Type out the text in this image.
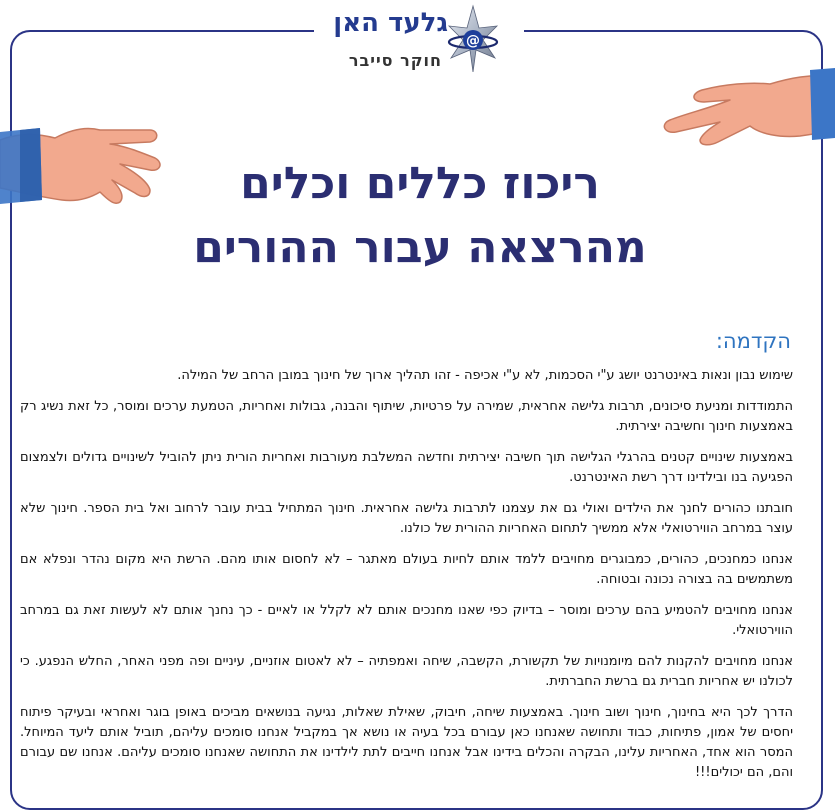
@
גלעד האן
חוקר סייבר
ריכוז כללים וכלים
מהרצאה עבור ההורים
הקדמה:

שימוש נבון ונאות באינטרנט יושג ע"י הסכמות, לא ע"י אכיפה - זהו תהליך ארוך של חינוך במובן הרחב של המילה.

התמודדות ומניעת סיכונים, תרבות גלישה אחראית, שמירה על פרטיות, שיתוף והבנה, גבולות ואחריות, הטמעת ערכים ומוסר, כל זאת נשיג רק באמצעות חינוך וחשיבה יצירתית.

באמצעות שינויים קטנים בהרגלי הגלישה תוך חשיבה יצירתית וחדשה המשלבת מעורבות ואחריות הורית ניתן להוביל לשינויים גדולים ולצמצום הפגיעה בנו ובילדינו דרך רשת האינטרנט.

חובתנו כהורים לחנך את הילדים ואולי גם את עצמנו לתרבות גלישה אחראית. חינוך המתחיל בבית עובר לרחוב ואל בית הספר. חינוך שלא עוצר במרחב הווירטואלי אלא ממשיך לתחום האחריות ההורית של כולנו.

אנחנו כמחנכים, כהורים, כמבוגרים מחויבים ללמד אותם לחיות בעולם מאתגר – לא לחסום אותו מהם. הרשת היא מקום נהדר ונפלא אם משתמשים בה בצורה נכונה ובטוחה.

אנחנו מחויבים להטמיע בהם ערכים ומוסר – בדיוק כפי שאנו מחנכים אותם לא לקלל או לאיים - כך נחנך אותם לא לעשות זאת גם במרחב הווירטואלי.

אנחנו מחויבים להקנות להם מיומנויות של תקשורת, הקשבה, שיחה ואמפתיה – לא לאטום אוזניים, עיניים ופה מפני האחר, החלש הנפגע. כי לכולנו יש אחריות חברית גם ברשת החברתית.

הדרך לכך היא בחינוך, חינוך ושוב חינוך. באמצעות שיחה, חיבוק, שאילת שאלות, נגיעה בנושאים מביכים באופן בוגר ואחראי ובעיקר פיתוח יחסים של אמון, פתיחות, כבוד ותחושה שאנחנו כאן עבורם בכל בעיה או נושא אך במקביל אנחנו סומכים עליהם, תוביל אותם ליעד המיוחל. המסר הוא אחד, האחריות עלינו, הבקרה והכלים בידינו אבל אנחנו חייבים לתת לילדינו את התחושה שאנחנו סומכים עליהם. אנחנו שם עבורם והם, הם יכולים!!!
